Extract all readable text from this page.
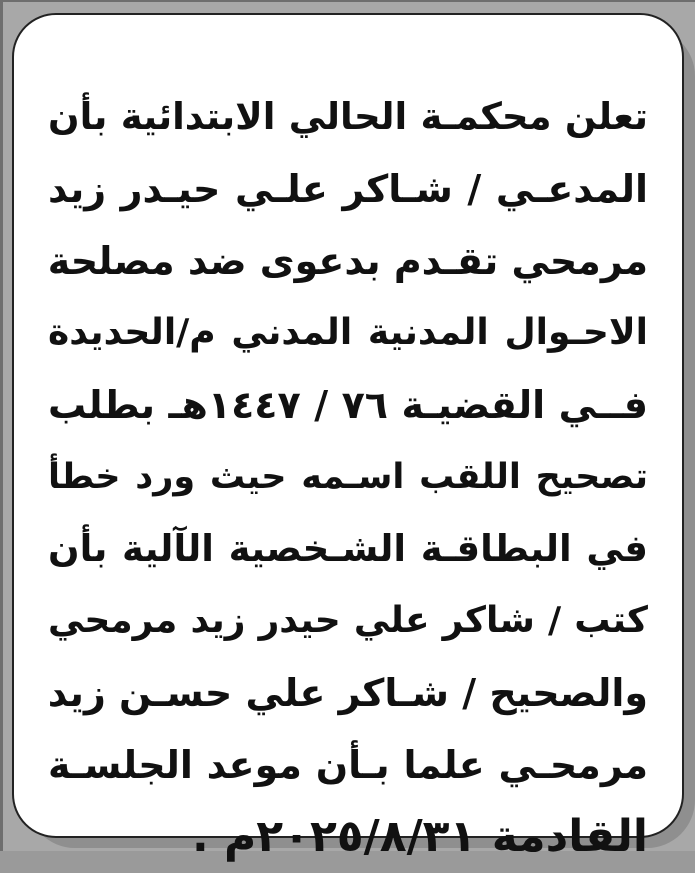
تعلن محكمـة الحالي الابتدائية بأن
المدعـي / شـاكر علـي حيـدر زيد
مرمحي تقـدم بدعوى ضد مصلحة
الاحـوال المدنية المدني م/الحديدة
فــي القضيـة ٧٦ / ١٤٤٧هـ بطلب
تصحيح اللقب اسـمه حيث ورد خطأ
في البطاقـة الشـخصية الآلية بأن
كتب / شاكر علي حيدر زيد مرمحي
والصحيح / شـاكر علي حسـن زيد
مرمحـي علما بـأن موعد الجلسـة
القادمة ٢٠٢٥/٨/٣١م .
